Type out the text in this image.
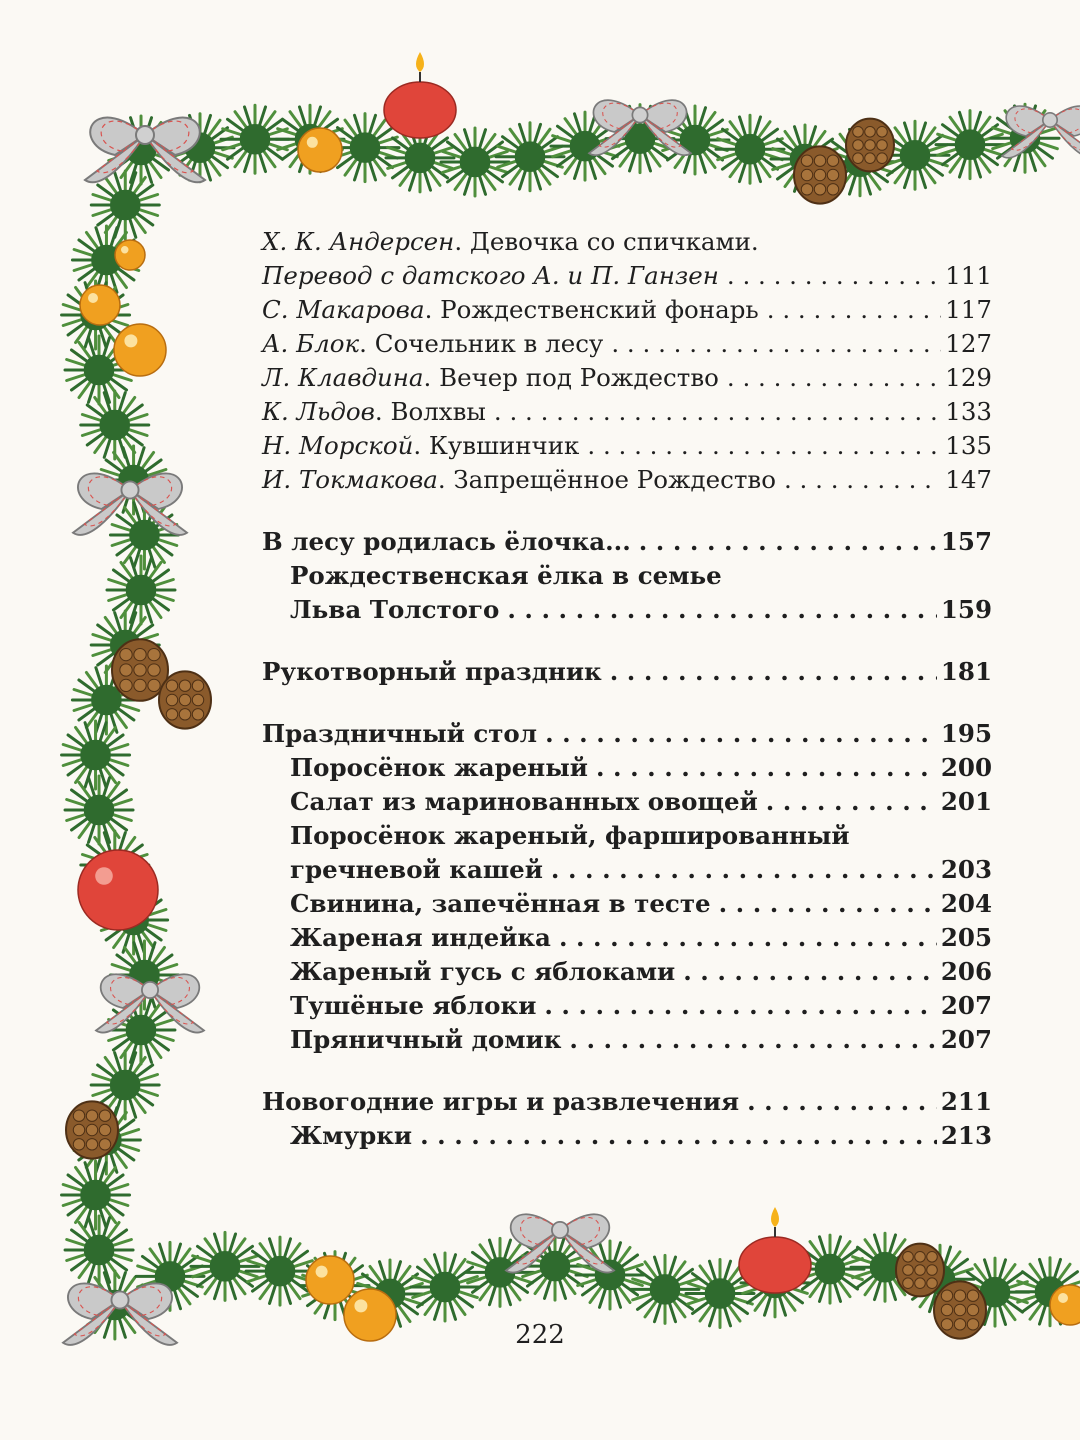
Х. К. Андерсен. Девочка со спичками.
Перевод с датского А. и П. Ганзен . . .	111
С. Макарова. Рождественский фонарь . . .	117
А. Блок. Сочельник в лесу . . .	127
Л. Клавдина. Вечер под Рождество . . .	129
К. Льдов. Волхвы . . .	133
Н. Морской. Кувшинчик . . .	135
И. Токмакова. Запрещённое Рождество . . .	147
В лесу родилась ёлочка... . . .	157
Рождественская ёлка в семье
Льва Толстого . . .	159
Рукотворный праздник . . .	181
Праздничный стол . . .	195
Поросёнок жареный . . .	200
Салат из маринованных овощей . . .	201
Поросёнок жареный, фаршированный
гречневой кашей . . .	203
Свинина, запечённая в тесте . . .	204
Жареная индейка . . .	205
Жареный гусь с яблоками . . .	206
Тушёные яблоки . . .	207
Пряничный домик . . .	207
Новогодние игры и развлечения . . .	211
Жмурки . . .	213
222
